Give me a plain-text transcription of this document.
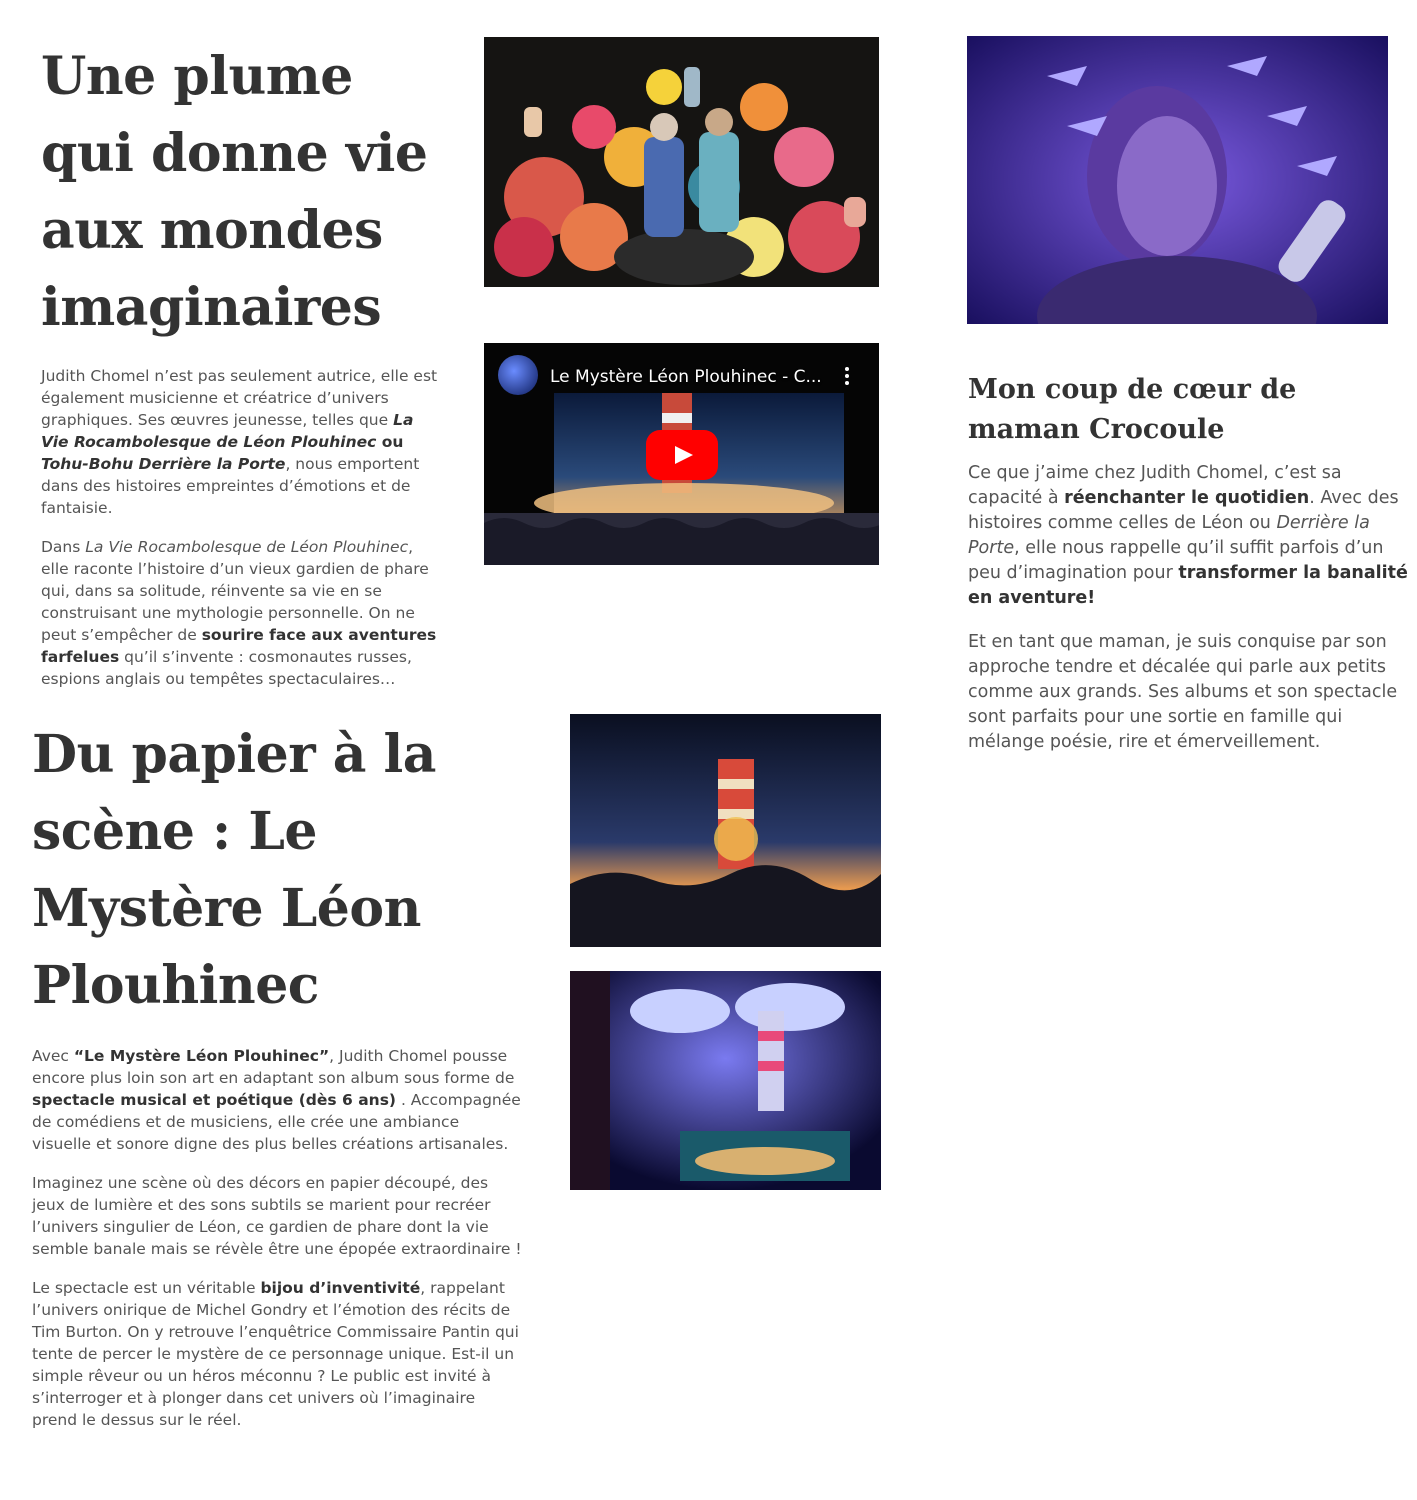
Une plume
qui donne vie
aux mondes
imaginaires

Judith Chomel n’est pas seulement autrice, elle est également musicienne et créatrice d’univers graphiques. Ses œuvres jeunesse, telles que La Vie Rocambolesque de Léon Plouhinec ou Tohu-Bohu Derrière la Porte, nous emportent dans des histoires empreintes d’émotions et de fantaisie.

Dans La Vie Rocambolesque de Léon Plouhinec, elle raconte l’histoire d’un vieux gardien de phare qui, dans sa solitude, réinvente sa vie en se construisant une mythologie personnelle. On ne peut s’empêcher de sourire face aux aventures farfelues qu’il s’invente : cosmonautes russes, espions anglais ou tempêtes spectaculaires…

Le Mystère Léon Plouhinec - C...	Mon coup de cœur de
maman Crocoule

Ce que j’aime chez Judith Chomel, c’est sa capacité à réenchanter le quotidien. Avec des histoires comme celles de Léon ou Derrière la Porte, elle nous rappelle qu’il suffit parfois d’un peu d’imagination pour transformer la banalité en aventure!

Et en tant que maman, je suis conquise par son approche tendre et décalée qui parle aux petits comme aux grands. Ses albums et son spectacle sont parfaits pour une sortie en famille qui mélange poésie, rire et émerveillement.

Du papier à la
scène : Le
Mystère Léon
Plouhinec

Avec “Le Mystère Léon Plouhinec”, Judith Chomel pousse encore plus loin son art en adaptant son album sous forme de spectacle musical et poétique (dès 6 ans) . Accompagnée de comédiens et de musiciens, elle crée une ambiance visuelle et sonore digne des plus belles créations artisanales.

Imaginez une scène où des décors en papier découpé, des jeux de lumière et des sons subtils se marient pour recréer l’univers singulier de Léon, ce gardien de phare dont la vie semble banale mais se révèle être une épopée extraordinaire !

Le spectacle est un véritable bijou d’inventivité, rappelant l’univers onirique de Michel Gondry et l’émotion des récits de Tim Burton. On y retrouve l’enquêtrice Commissaire Pantin qui tente de percer le mystère de ce personnage unique. Est-il un simple rêveur ou un héros méconnu ? Le public est invité à s’interroger et à plonger dans cet univers où l’imaginaire prend le dessus sur le réel.
